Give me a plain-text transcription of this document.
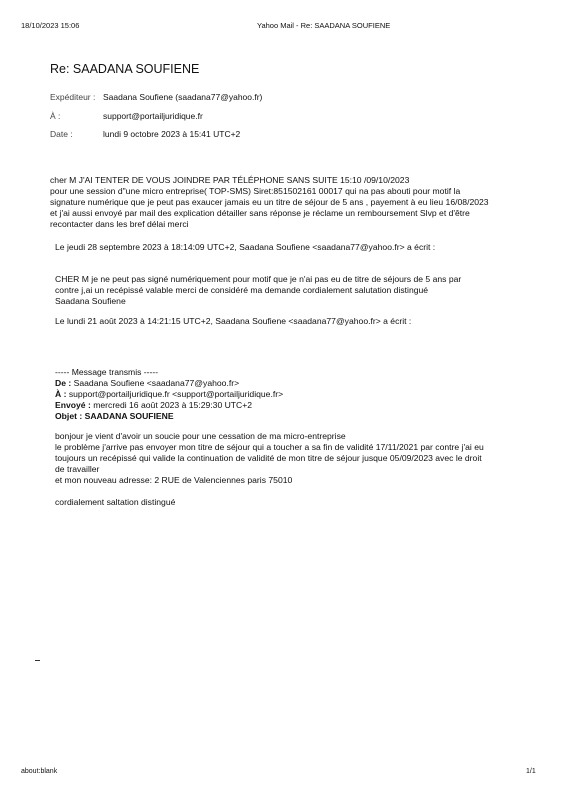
18/10/2023 15:06	Yahoo Mail - Re: SAADANA SOUFIENE
Re: SAADANA SOUFIENE
Expéditeur : Saadana Soufiene (saadana77@yahoo.fr)
À :	support@portailjuridique.fr
Date :	lundi 9 octobre 2023 à 15:41 UTC+2
cher M J'AI TENTER DE VOUS JOINDRE PAR TÉLÉPHONE SANS SUITE 15:10 /09/10/2023
pour une session d"une micro entreprise( TOP-SMS) Siret:851502161 00017 qui na pas abouti pour motif la
signature numérique que je peut pas exaucer jamais eu un titre de séjour de 5 ans , payement à eu lieu 16/08/2023
et j'ai aussi envoyé par mail des explication détailler sans réponse je réclame un remboursement Slvp et d'être
recontacter dans les bref délai merci
Le jeudi 28 septembre 2023 à 18:14:09 UTC+2, Saadana Soufiene <saadana77@yahoo.fr> a écrit :
CHER M je ne peut pas signé numériquement pour motif que je n'ai pas eu de titre de séjours de 5 ans par
contre j,ai un recépissé valable merci de considéré ma demande cordialement salutation distingué
Saadana Soufiene
Le lundi 21 août 2023 à 14:21:15 UTC+2, Saadana Soufiene <saadana77@yahoo.fr> a écrit :
----- Message transmis -----
De : Saadana Soufiene <saadana77@yahoo.fr>
À : support@portailjuridique.fr <support@portailjuridique.fr>
Envoyé : mercredi 16 août 2023 à 15:29:30 UTC+2
Objet : SAADANA SOUFIENE
bonjour je vient d'avoir un soucie pour une cessation de ma micro-entreprise
le problème j'arrive pas envoyer mon titre de séjour qui a toucher a sa fin de validité 17/11/2021 par contre j'ai eu
toujours un recépissé qui valide la continuation de validité de mon titre de séjour jusque 05/09/2023 avec le droit
de travailler
et mon nouveau adresse: 2 RUE de Valenciennes paris 75010
cordialement saltation distingué
about:blank	1/1
